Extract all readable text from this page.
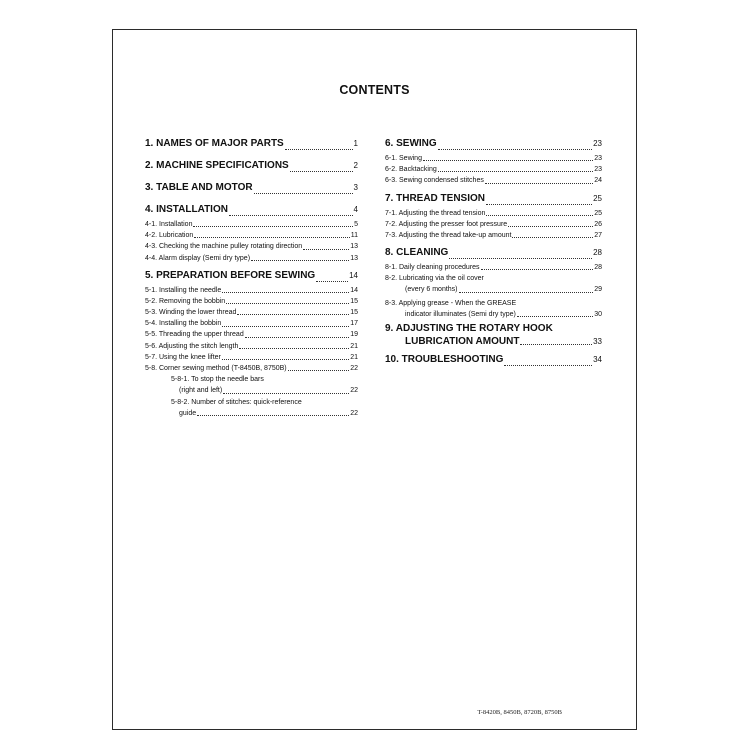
CONTENTS
1. NAMES OF MAJOR PARTS	1
2. MACHINE SPECIFICATIONS	2
3. TABLE AND MOTOR	3
4. INSTALLATION	4
4-1. Installation	5
4-2. Lubrication	11
4-3. Checking the machine pulley rotating direction	13
4-4. Alarm display (Semi dry type)	13
5. PREPARATION BEFORE SEWING	14
5-1. Installing the needle	14
5-2. Removing the bobbin	15
5-3. Winding the lower thread	15
5-4. Installing the bobbin	17
5-5. Threading the upper thread	19
5-6. Adjusting the stitch length	21
5-7. Using the knee lifter	21
5-8. Corner sewing method (T-8450B, 8750B)	22
5-8-1. To stop the needle bars
(right and left)	22
5-8-2. Number of stitches: quick-reference
guide	22
6. SEWING	23
6-1. Sewing	23
6-2. Backtacking	23
6-3. Sewing condensed stitches	24
7. THREAD TENSION	25
7-1. Adjusting the thread tension	25
7-2. Adjusting the presser foot pressure	26
7-3. Adjusting the thread take-up amount	27
8. CLEANING	28
8-1. Daily cleaning procedures	28
8-2. Lubricating via the oil cover
(every 6 months)	29
8-3. Applying grease - When the GREASE
indicator illuminates (Semi dry type)	30
9. ADJUSTING THE ROTARY HOOK
LUBRICATION AMOUNT	33
10. TROUBLESHOOTING	34
T-8420B, 8450B, 8720B, 8750B
